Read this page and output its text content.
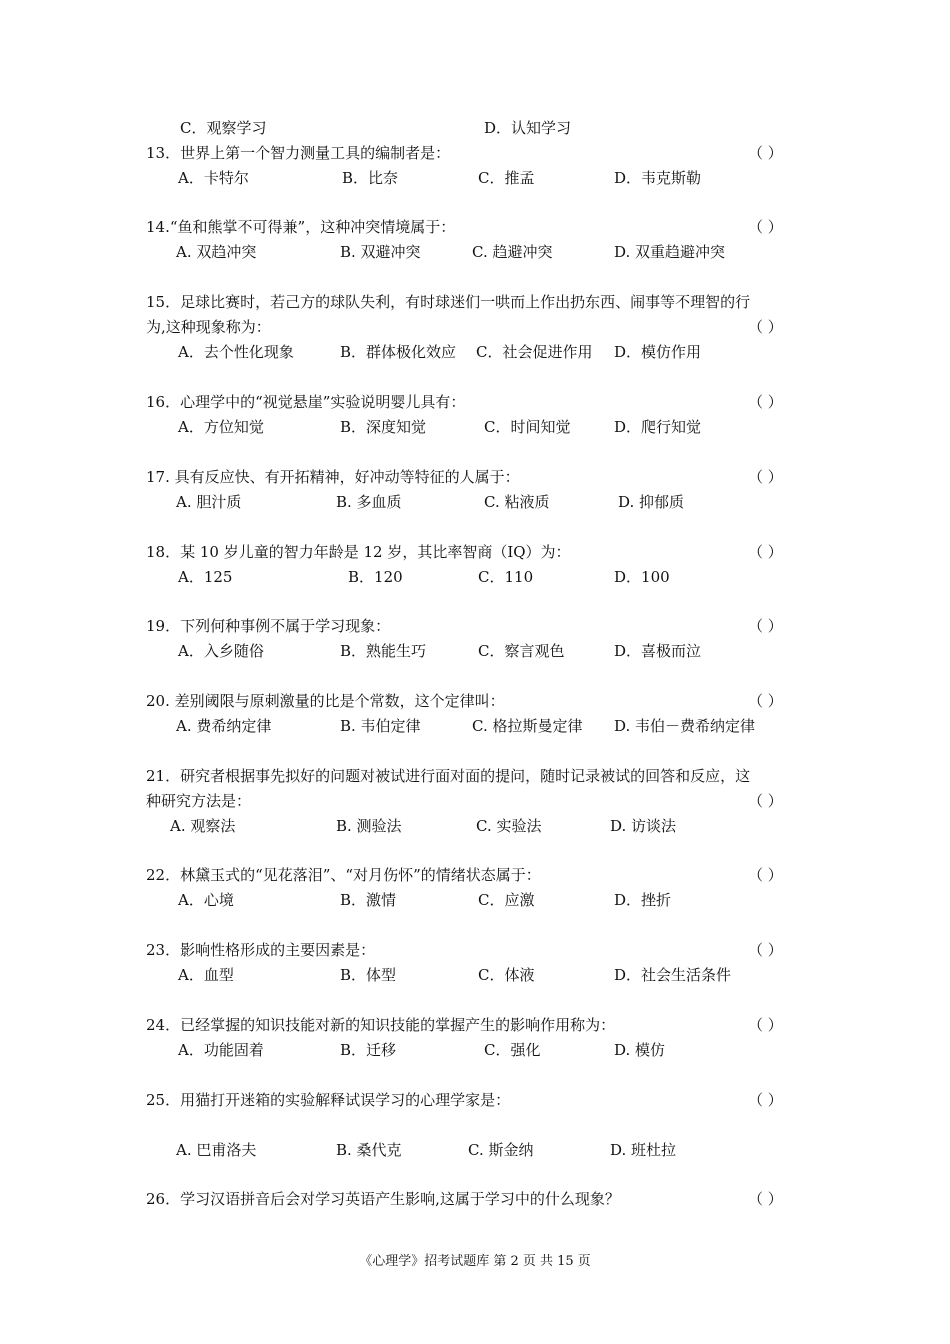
C．观察学习	D．认知学习
13．世界上第一个智力测量工具的编制者是：	（ ）
A．卡特尔	B．比奈	C．推孟	D．韦克斯勒
14.“鱼和熊掌不可得兼”，这种冲突情境属于：	（ ）
A. 双趋冲突	B. 双避冲突	C. 趋避冲突	D. 双重趋避冲突
15．足球比赛时，若己方的球队失利，有时球迷们一哄而上作出扔东西、闹事等不理智的行
为,这种现象称为：	（ ）
A．去个性化现象	B．群体极化效应 C．社会促进作用 D．模仿作用
16．心理学中的“视觉悬崖”实验说明婴儿具有：	（ ）
A．方位知觉	B．深度知觉	C．时间知觉	D．爬行知觉
17. 具有反应快、有开拓精神，好冲动等特征的人属于：	（ ）
A. 胆汁质	B. 多血质	C. 粘液质	D. 抑郁质
18．某 10 岁儿童的智力年龄是 12 岁，其比率智商（IQ）为：	（ ）
A．125	B．120	C．110	D．100
19．下列何种事例不属于学习现象：	（ ）
A．入乡随俗	B．熟能生巧	C．察言观色	D．喜极而泣
20. 差别阈限与原刺激量的比是个常数，这个定律叫：	（ ）
A. 费希纳定律	B. 韦伯定律	C. 格拉斯曼定律 D. 韦伯－费希纳定律
21．研究者根据事先拟好的问题对被试进行面对面的提问，随时记录被试的回答和反应，这
种研究方法是：	（ ）
A. 观察法	B. 测验法	C. 实验法	D. 访谈法
22．林黛玉式的“见花落泪”、“对月伤怀”的情绪状态属于：	（ ）
A．心境	B．激情	C．应激	D．挫折
23．影响性格形成的主要因素是：	（ ）
A．血型	B．体型	C．体液	D．社会生活条件
24．已经掌握的知识技能对新的知识技能的掌握产生的影响作用称为：	（ ）
A．功能固着	B．迁移	C．强化	D. 模仿
25．用猫打开迷箱的实验解释试误学习的心理学家是：	（ ）
A. 巴甫洛夫	B. 桑代克	C. 斯金纳	D. 班杜拉
26．学习汉语拼音后会对学习英语产生影响,这属于学习中的什么现象？	（ ）
《心理学》招考试题库 第 2 页 共 15 页
